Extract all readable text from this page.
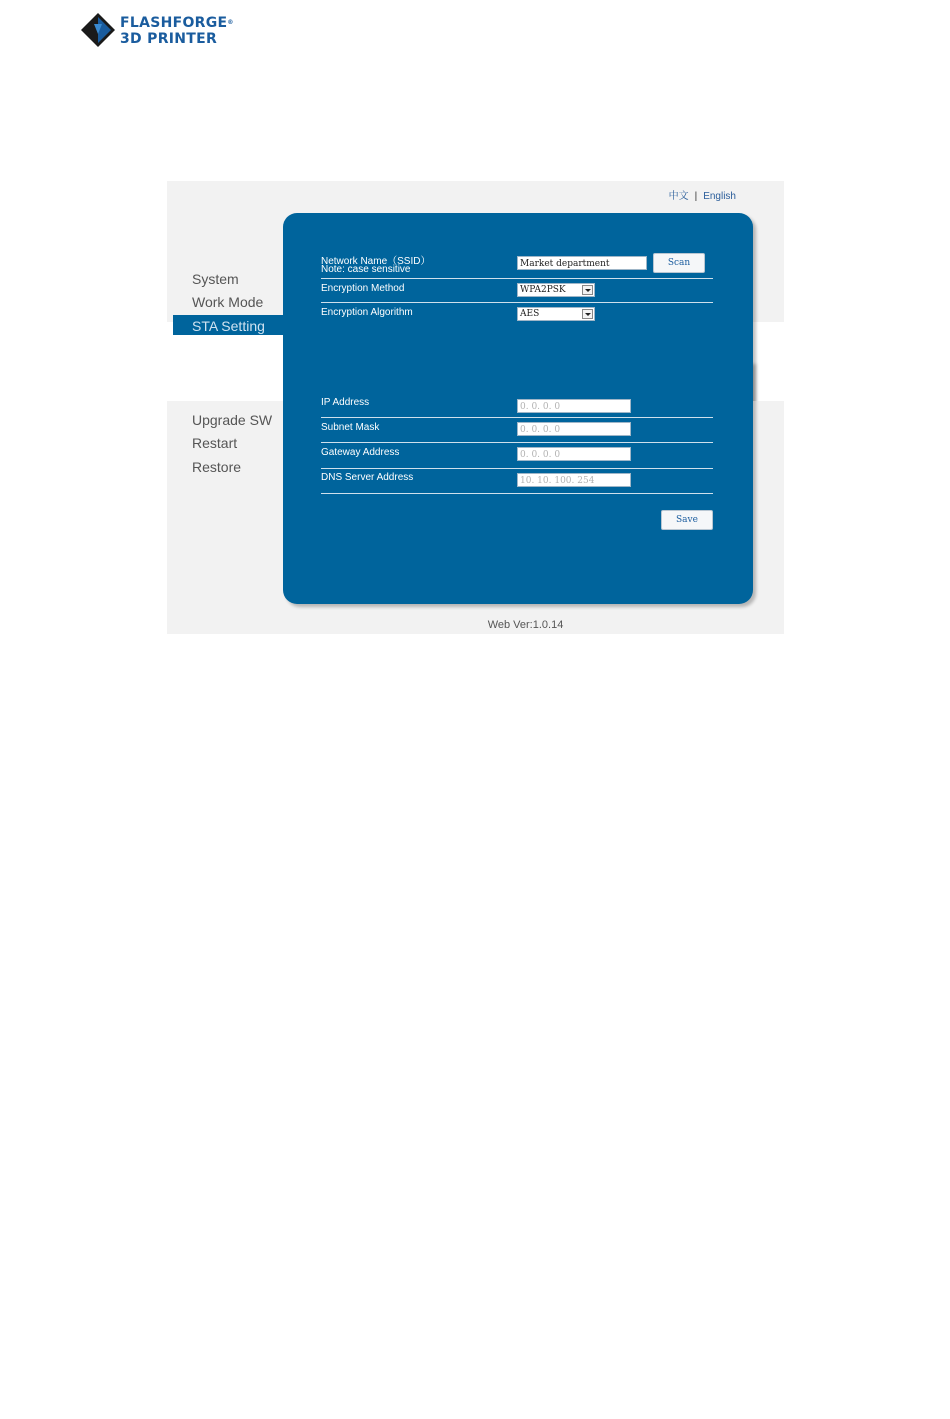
FLASHFORGE®
3D PRINTER
中文 | English
System
Work Mode
STA Setting
Network Name（SSID）
Note: case sensitive	Market department	Scan
Encryption Method	WPA2PSK
Encryption Algorithm	AES
Upgrade SW
Restart
Restore
IP Address	0. 0. 0. 0
Subnet Mask	0. 0. 0. 0
Gateway Address	0. 0. 0. 0
DNS Server Address	10. 10. 100. 254
Save
Web Ver:1.0.14
